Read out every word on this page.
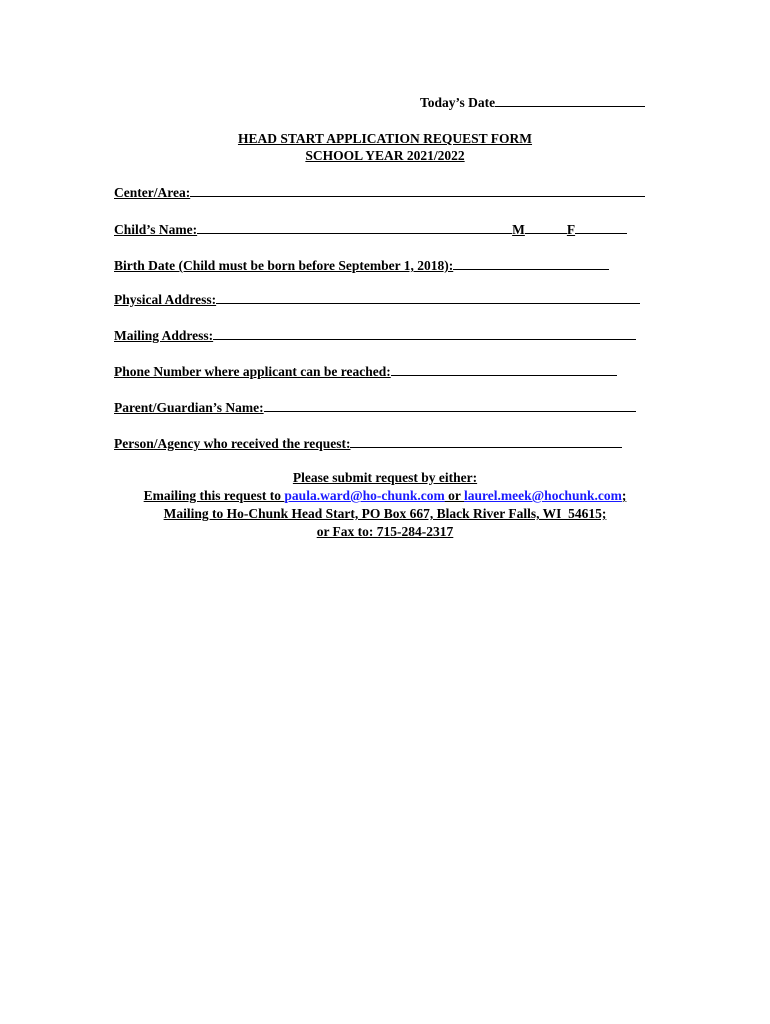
Today’s Date
HEAD START APPLICATION REQUEST FORM
SCHOOL YEAR 2021/2022
Center/Area:
Child’s Name:	M	F
Birth Date (Child must be born before September 1, 2018):
Physical Address:
Mailing Address:
Phone Number where applicant can be reached:
Parent/Guardian’s Name:
Person/Agency who received the request:
Please submit request by either:
Emailing this request to paula.ward@ho-chunk.com or laurel.meek@hochunk.com;
Mailing to Ho-Chunk Head Start, PO Box 667, Black River Falls, WI  54615;
or Fax to: 715-284-2317
